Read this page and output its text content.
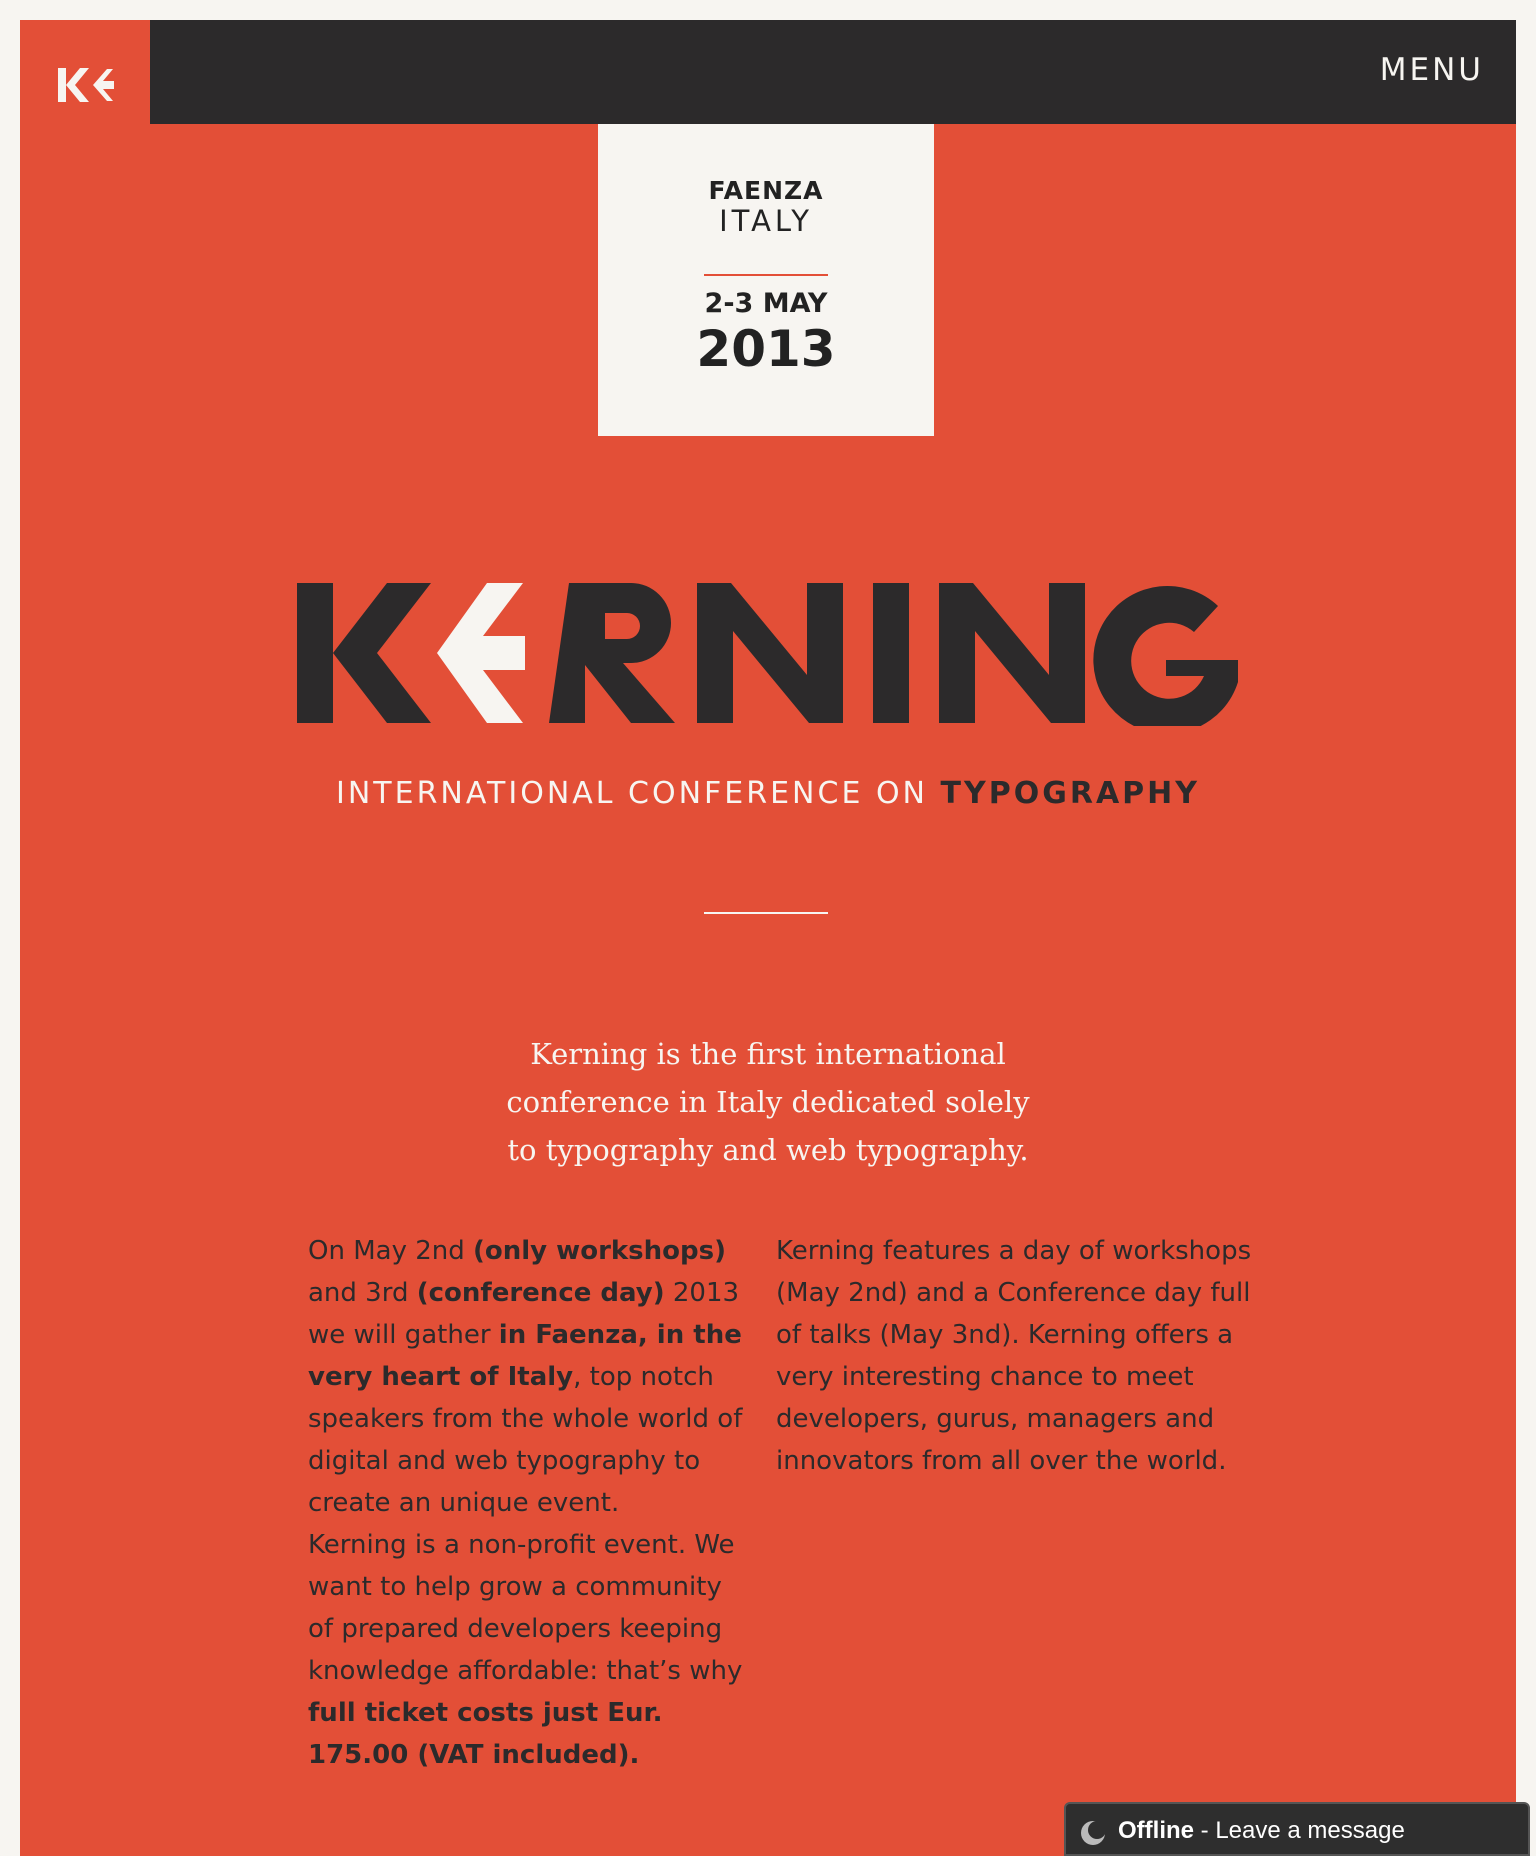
MENU
FAENZA
ITALY
2-3 MAY
2013
INTERNATIONAL CONFERENCE ON TYPOGRAPHY
Kerning is the first international conference in Italy dedicated solely to typography and web typography.
On May 2nd (only workshops) and 3rd (conference day) 2013 we will gather in Faenza, in the very heart of Italy, top notch speakers from the whole world of digital and web typography to create an unique event.
Kerning is a non-profit event. We want to help grow a community of prepared developers keeping knowledge affordable: that’s why full ticket costs just Eur. 175.00 (VAT included).
Kerning features a day of workshops (May 2nd) and a Conference day full of talks (May 3nd). Kerning offers a very interesting chance to meet developers, gurus, managers and innovators from all over the world.
Offline - Leave a message
